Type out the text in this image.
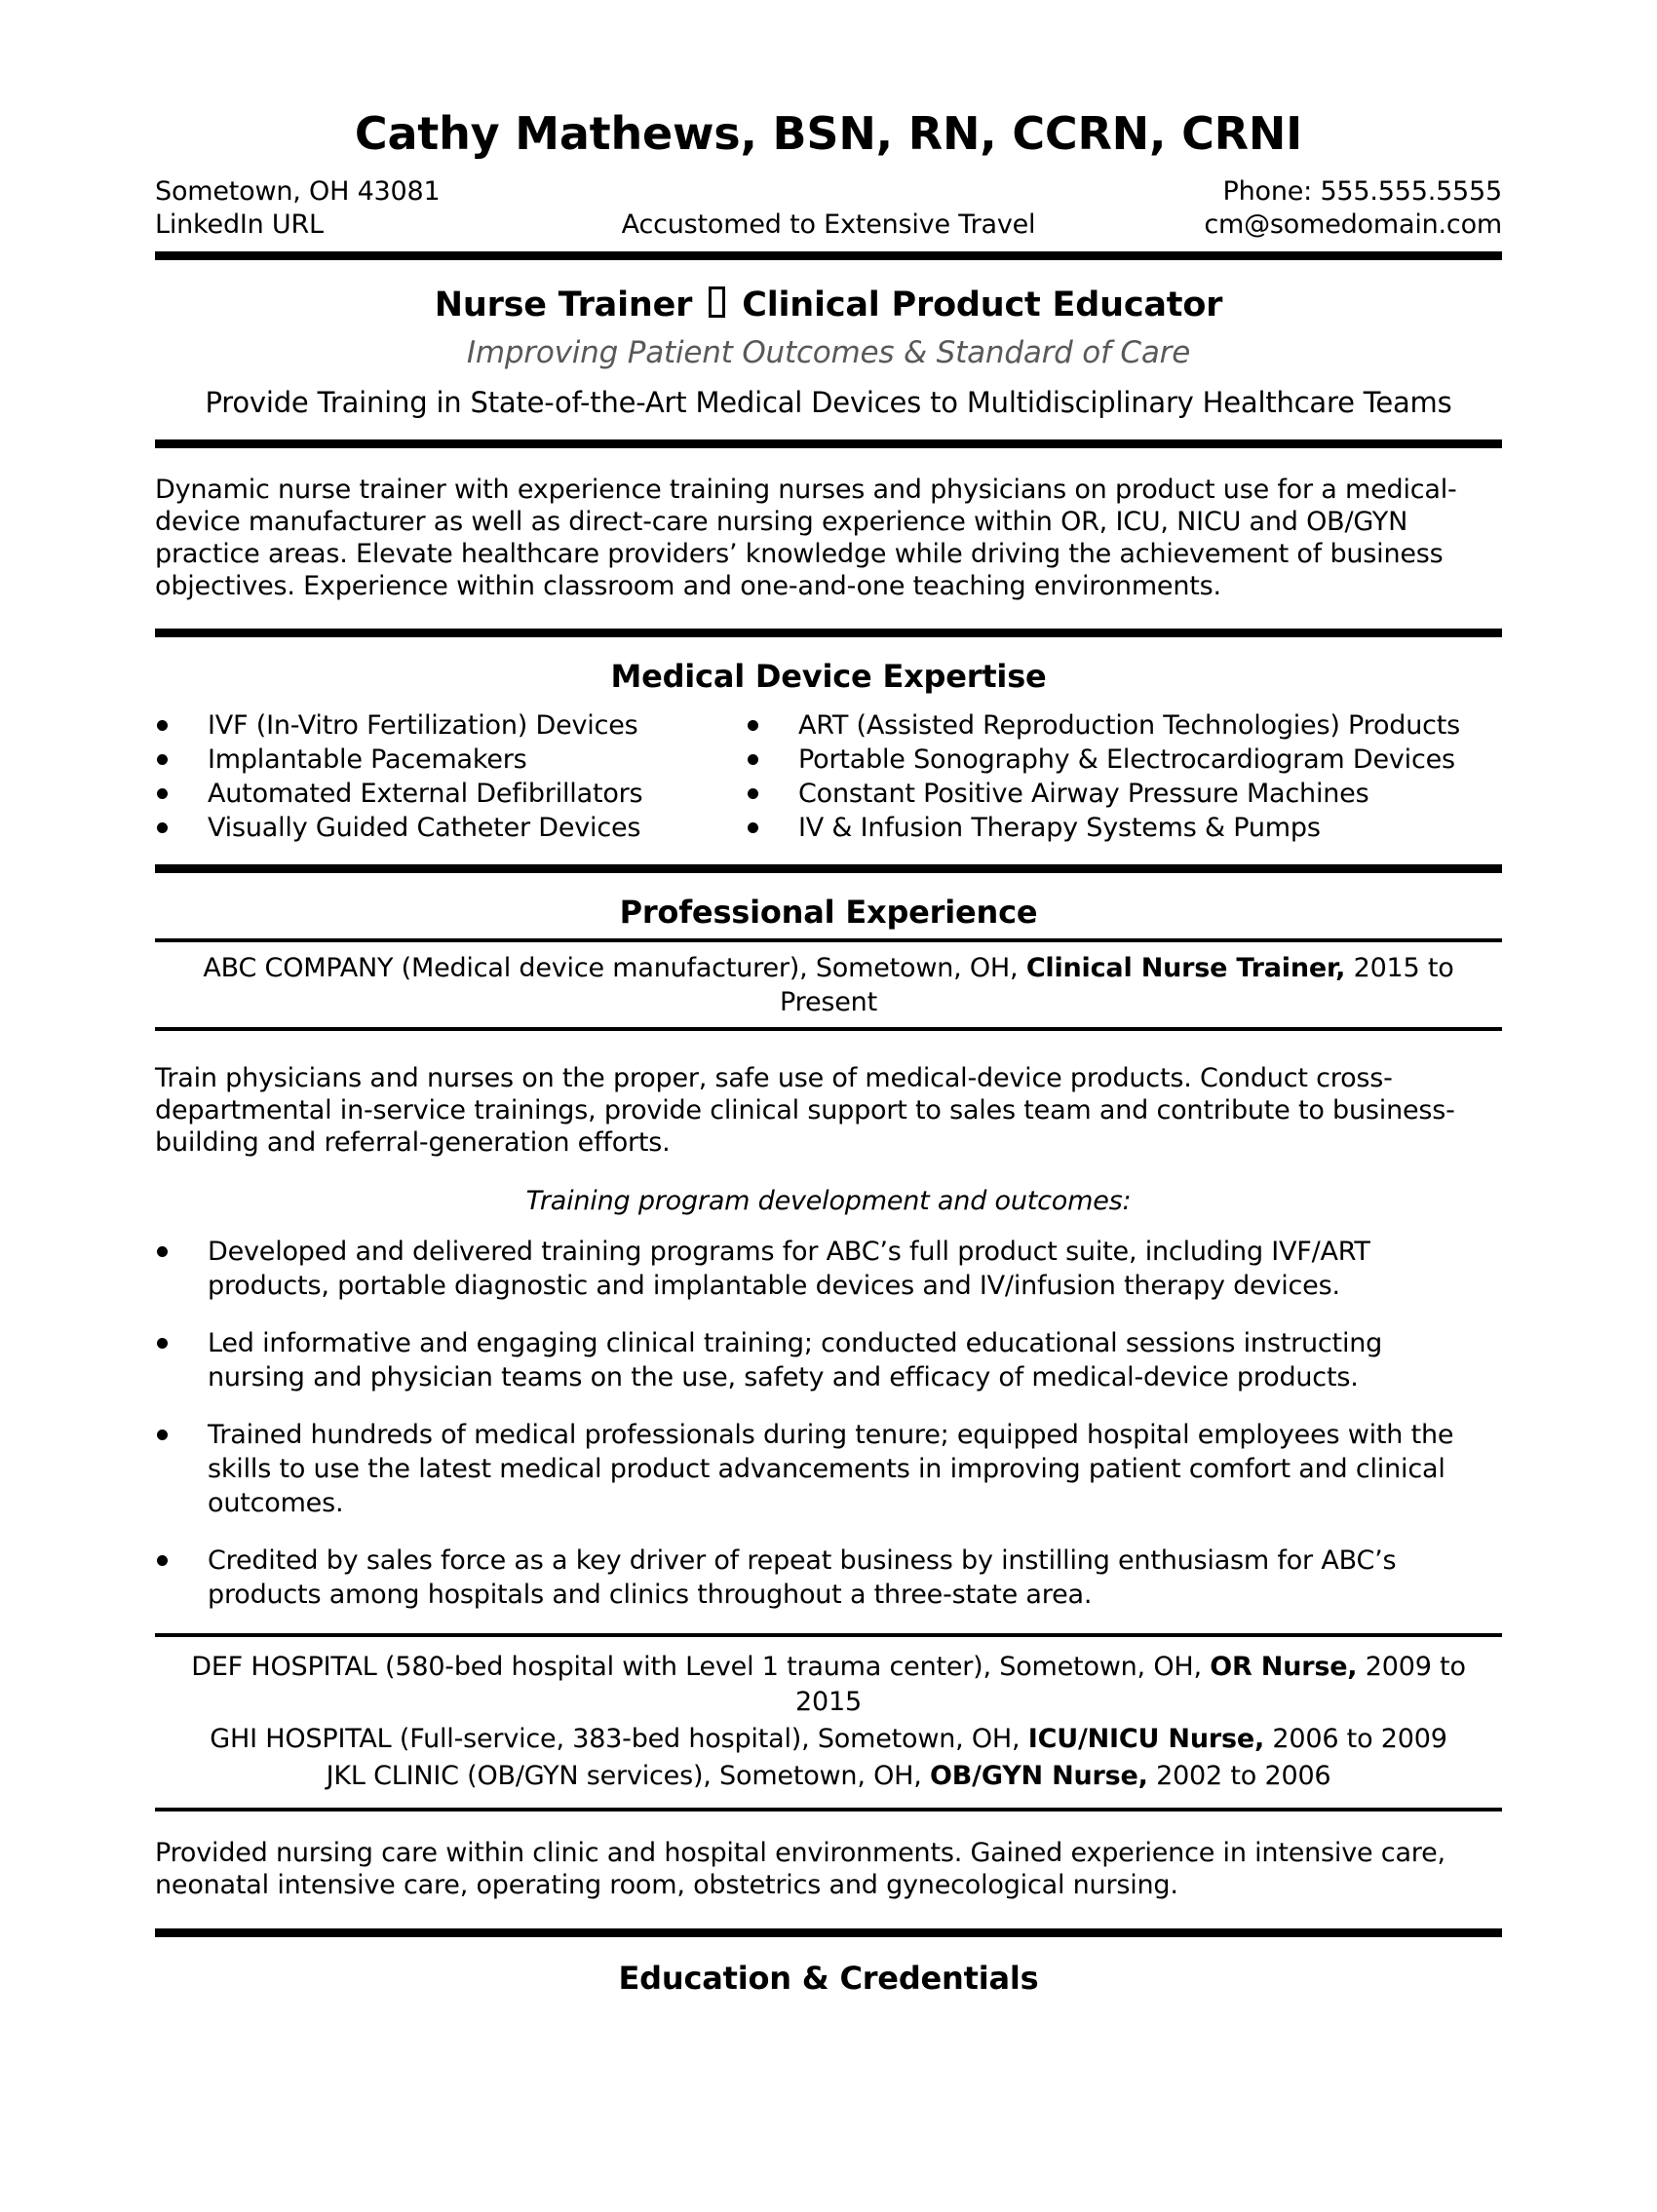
Cathy Mathews, BSN, RN, CCRN, CRNI
Sometown, OH 43081	Phone: 555.555.5555
LinkedIn URL	Accustomed to Extensive Travel	cm@somedomain.com
Nurse Trainer Clinical Product Educator
Improving Patient Outcomes & Standard of Care
Provide Training in State-of-the-Art Medical Devices to Multidisciplinary Healthcare Teams

Dynamic nurse trainer with experience training nurses and physicians on product use for a medical-device manufacturer as well as direct-care nursing experience within OR, ICU, NICU and OB/GYN practice areas. Elevate healthcare providers’ knowledge while driving the achievement of business objectives. Experience within classroom and one-and-one teaching environments.

Medical Device Expertise
IVF (In-Vitro Fertilization) Devices
Implantable Pacemakers
Automated External Defibrillators
Visually Guided Catheter Devices
ART (Assisted Reproduction Technologies) Products
Portable Sonography & Electrocardiogram Devices
Constant Positive Airway Pressure Machines
IV & Infusion Therapy Systems & Pumps
Professional Experience
ABC COMPANY (Medical device manufacturer), Sometown, OH, Clinical Nurse Trainer, 2015 to Present

Train physicians and nurses on the proper, safe use of medical-device products. Conduct cross-departmental in-service trainings, provide clinical support to sales team and contribute to business-building and referral-generation efforts.

Training program development and outcomes:
Developed and delivered training programs for ABC’s full product suite, including IVF/ART products, portable diagnostic and implantable devices and IV/infusion therapy devices.
Led informative and engaging clinical training; conducted educational sessions instructing nursing and physician teams on the use, safety and efficacy of medical-device products.
Trained hundreds of medical professionals during tenure; equipped hospital employees with the skills to use the latest medical product advancements in improving patient comfort and clinical outcomes.
Credited by sales force as a key driver of repeat business by instilling enthusiasm for ABC’s products among hospitals and clinics throughout a three-state area.
DEF HOSPITAL (580-bed hospital with Level 1 trauma center), Sometown, OH, OR Nurse, 2009 to 2015
GHI HOSPITAL (Full-service, 383-bed hospital), Sometown, OH, ICU/NICU Nurse, 2006 to 2009
JKL CLINIC (OB/GYN services), Sometown, OH, OB/GYN Nurse, 2002 to 2006

Provided nursing care within clinic and hospital environments. Gained experience in intensive care, neonatal intensive care, operating room, obstetrics and gynecological nursing.

Education & Credentials
